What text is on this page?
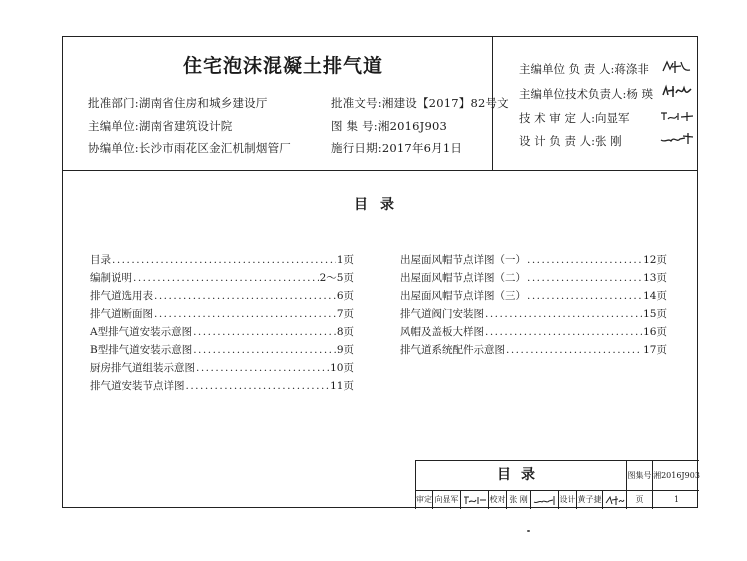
住宅泡沫混凝土排气道
批准部门:湖南省住房和城乡建设厅
主编单位:湖南省建筑设计院
协编单位:长沙市雨花区金汇机制烟管厂
批准文号:湘建设【2017】82号文
图 集 号:湘2016J903
施行日期:2017年6月1日
主编单位 负 责 人:蒋涤非
主编单位技术负责人:杨 瑛
技 术 审 定 人:向显军
设 计 负 责 人:张 刚
目录
目录 .....	1页
编制说明 .....	2～5页
排气道选用表 .....	6页
排气道断面图 .....	7页
A型排气道安装示意图 .....	8页
B型排气道安装示意图 .....	9页
厨房排气道组装示意图 .....	10页
排气道安装节点详图 .....	11页
出屋面风帽节点详图（一） .....	12页
出屋面风帽节点详图（二） .....	13页
出屋面风帽节点详图（三） .....	14页
排气道阀门安装图 .....	15页
风帽及盖板大样图 .....	16页
排气道系统配件示意图 .....	17页
目录	图集号 湘2016J903
审定 向显军	校对 张 刚	设计 黄子捷	页	1
